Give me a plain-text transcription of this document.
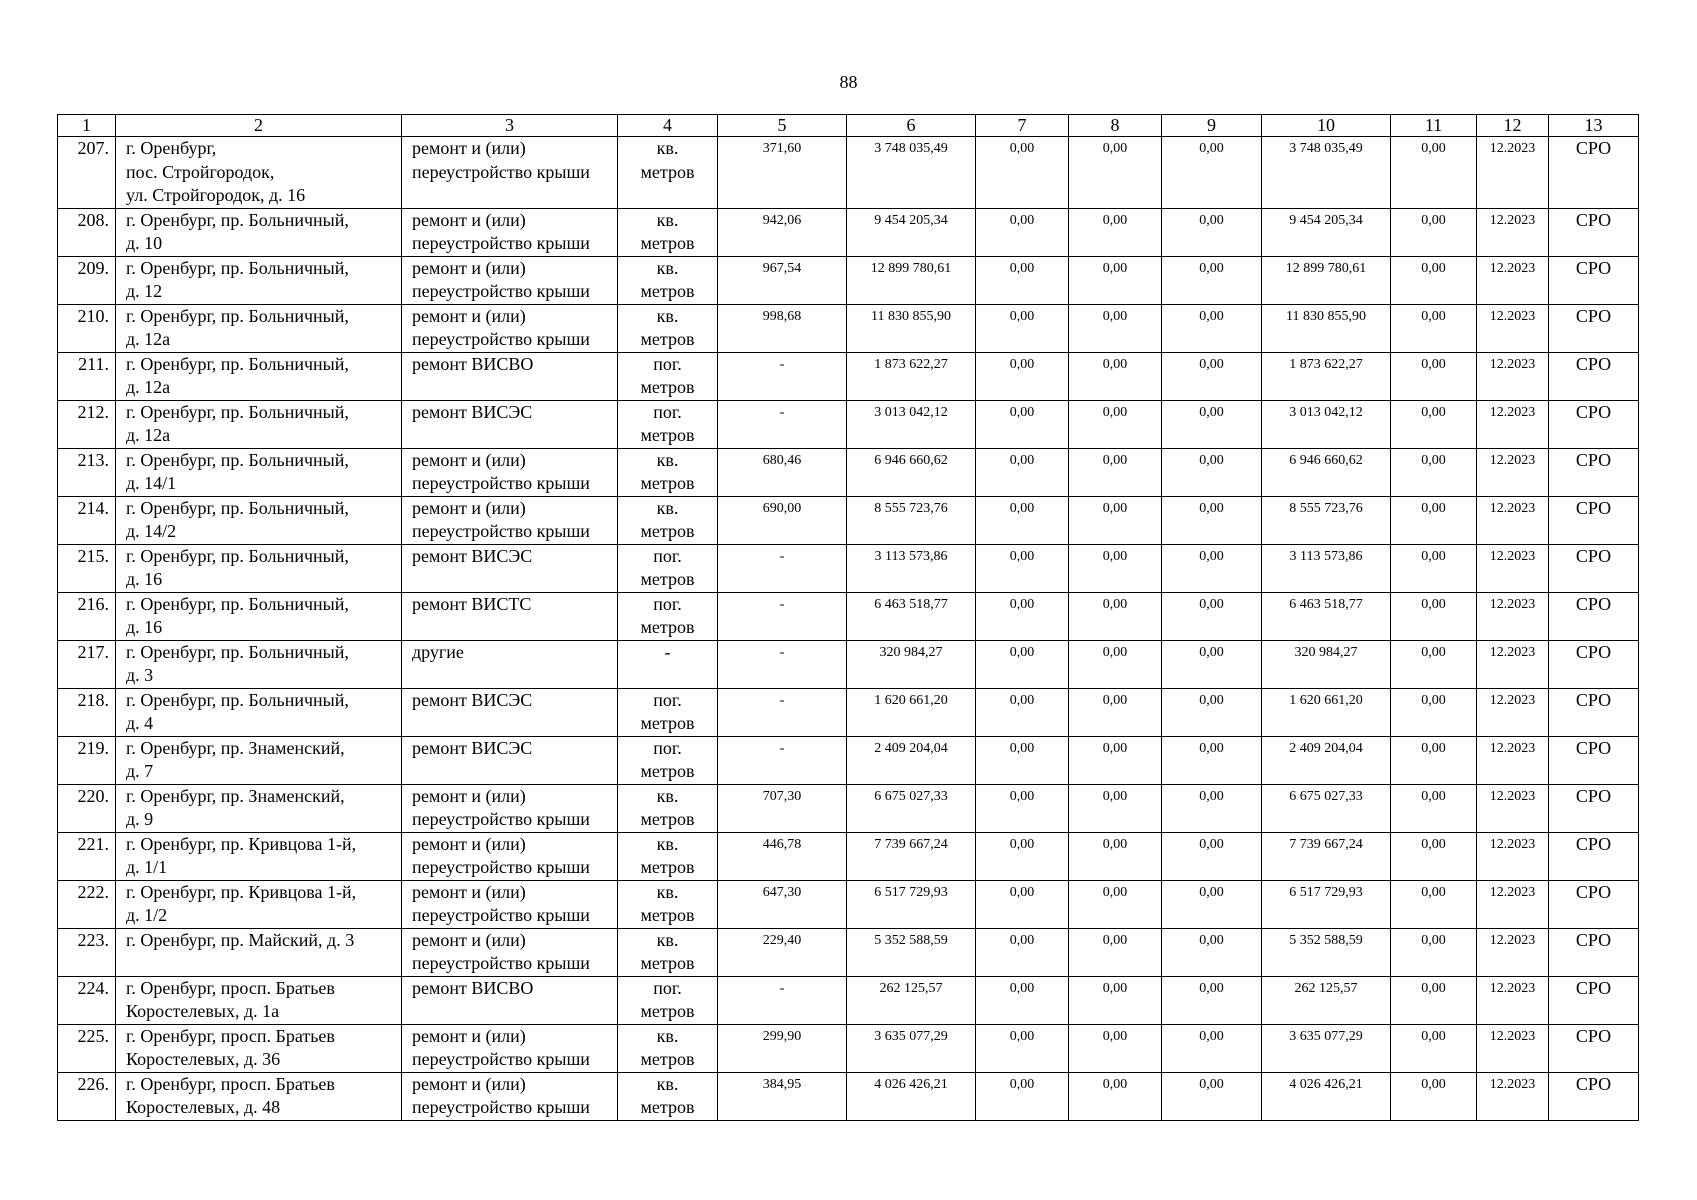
88
1	2	3	4	5	6	7	8	9	10	11	12	13
207.	г. Оренбург,
пос. Стройгородок,
ул. Стройгородок, д. 16	ремонт и (или)
переустройство крыши	кв.
метров	371,60	3 748 035,49	0,00	0,00	0,00	3 748 035,49	0,00	12.2023	СРО
208.	г. Оренбург, пр. Больничный,
д. 10	ремонт и (или)
переустройство крыши	кв.
метров	942,06	9 454 205,34	0,00	0,00	0,00	9 454 205,34	0,00	12.2023	СРО
209.	г. Оренбург, пр. Больничный,
д. 12	ремонт и (или)
переустройство крыши	кв.
метров	967,54	12 899 780,61	0,00	0,00	0,00	12 899 780,61	0,00	12.2023	СРО
210.	г. Оренбург, пр. Больничный,
д. 12а	ремонт и (или)
переустройство крыши	кв.
метров	998,68	11 830 855,90	0,00	0,00	0,00	11 830 855,90	0,00	12.2023	СРО
211.	г. Оренбург, пр. Больничный,
д. 12а	ремонт ВИСВО	пог.
метров	-	1 873 622,27	0,00	0,00	0,00	1 873 622,27	0,00	12.2023	СРО
212.	г. Оренбург, пр. Больничный,
д. 12а	ремонт ВИСЭС	пог.
метров	-	3 013 042,12	0,00	0,00	0,00	3 013 042,12	0,00	12.2023	СРО
213.	г. Оренбург, пр. Больничный,
д. 14/1	ремонт и (или)
переустройство крыши	кв.
метров	680,46	6 946 660,62	0,00	0,00	0,00	6 946 660,62	0,00	12.2023	СРО
214.	г. Оренбург, пр. Больничный,
д. 14/2	ремонт и (или)
переустройство крыши	кв.
метров	690,00	8 555 723,76	0,00	0,00	0,00	8 555 723,76	0,00	12.2023	СРО
215.	г. Оренбург, пр. Больничный,
д. 16	ремонт ВИСЭС	пог.
метров	-	3 113 573,86	0,00	0,00	0,00	3 113 573,86	0,00	12.2023	СРО
216.	г. Оренбург, пр. Больничный,
д. 16	ремонт ВИСТС	пог.
метров	-	6 463 518,77	0,00	0,00	0,00	6 463 518,77	0,00	12.2023	СРО
217.	г. Оренбург, пр. Больничный,
д. 3	другие	-	-	320 984,27	0,00	0,00	0,00	320 984,27	0,00	12.2023	СРО
218.	г. Оренбург, пр. Больничный,
д. 4	ремонт ВИСЭС	пог.
метров	-	1 620 661,20	0,00	0,00	0,00	1 620 661,20	0,00	12.2023	СРО
219.	г. Оренбург, пр. Знаменский,
д. 7	ремонт ВИСЭС	пог.
метров	-	2 409 204,04	0,00	0,00	0,00	2 409 204,04	0,00	12.2023	СРО
220.	г. Оренбург, пр. Знаменский,
д. 9	ремонт и (или)
переустройство крыши	кв.
метров	707,30	6 675 027,33	0,00	0,00	0,00	6 675 027,33	0,00	12.2023	СРО
221.	г. Оренбург, пр. Кривцова 1-й,
д. 1/1	ремонт и (или)
переустройство крыши	кв.
метров	446,78	7 739 667,24	0,00	0,00	0,00	7 739 667,24	0,00	12.2023	СРО
222.	г. Оренбург, пр. Кривцова 1-й,
д. 1/2	ремонт и (или)
переустройство крыши	кв.
метров	647,30	6 517 729,93	0,00	0,00	0,00	6 517 729,93	0,00	12.2023	СРО
223.	г. Оренбург, пр. Майский, д. 3	ремонт и (или)
переустройство крыши	кв.
метров	229,40	5 352 588,59	0,00	0,00	0,00	5 352 588,59	0,00	12.2023	СРО
224.	г. Оренбург, просп. Братьев
Коростелевых, д. 1а	ремонт ВИСВО	пог.
метров	-	262 125,57	0,00	0,00	0,00	262 125,57	0,00	12.2023	СРО
225.	г. Оренбург, просп. Братьев
Коростелевых, д. 36	ремонт и (или)
переустройство крыши	кв.
метров	299,90	3 635 077,29	0,00	0,00	0,00	3 635 077,29	0,00	12.2023	СРО
226.	г. Оренбург, просп. Братьев
Коростелевых, д. 48	ремонт и (или)
переустройство крыши	кв.
метров	384,95	4 026 426,21	0,00	0,00	0,00	4 026 426,21	0,00	12.2023	СРО
